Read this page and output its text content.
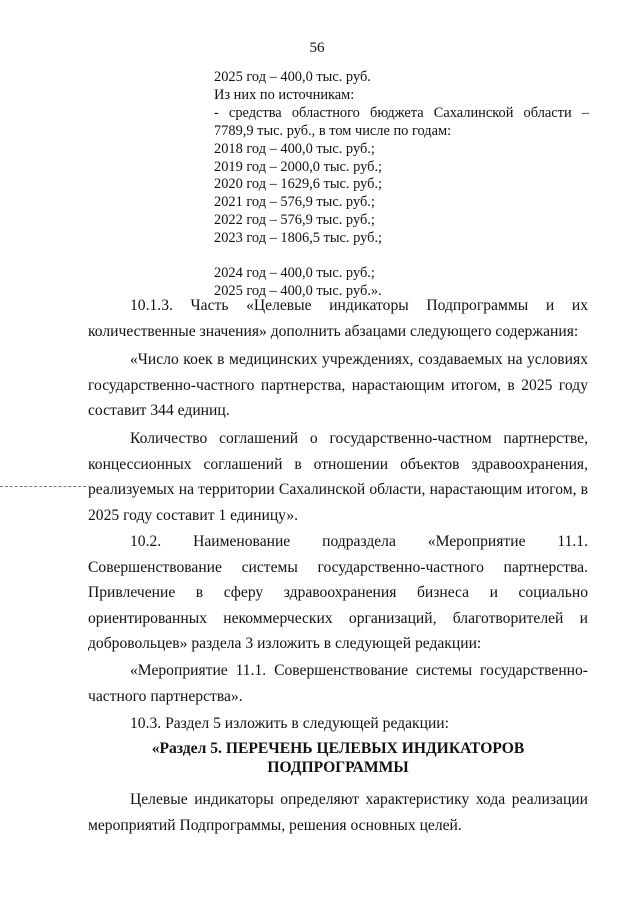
56
2025 год – 400,0 тыс. руб.
Из них по источникам:
- средства областного бюджета Сахалинской области –
7789,9 тыс. руб., в том числе по годам:
2018 год – 400,0 тыс. руб.;
2019 год – 2000,0 тыс. руб.;
2020 год – 1629,6 тыс. руб.;
2021 год – 576,9 тыс. руб.;
2022 год – 576,9 тыс. руб.;
2023 год – 1806,5 тыс. руб.;
2024 год – 400,0 тыс. руб.;
2025 год – 400,0 тыс. руб.».

10.1.3. Часть «Целевые индикаторы Подпрограммы и их количественные значения» дополнить абзацами следующего содержания:

«Число коек в медицинских учреждениях, создаваемых на условиях государственно-частного партнерства, нарастающим итогом, в 2025 году составит 344 единиц.

Количество соглашений о государственно-частном партнерстве, концессионных соглашений в отношении объектов здравоохранения, реализуемых на территории Сахалинской области, нарастающим итогом, в 2025 году составит 1 единицу».

10.2. Наименование подраздела «Мероприятие 11.1. Совершенствование системы государственно-частного партнерства. Привлечение в сферу здравоохранения бизнеса и социально ориентированных некоммерческих организаций, благотворителей и добровольцев» раздела 3 изложить в следующей редакции:

«Мероприятие 11.1. Совершенствование системы государственно-частного партнерства».

10.3. Раздел 5 изложить в следующей редакции:

«Раздел 5. ПЕРЕЧЕНЬ ЦЕЛЕВЫХ ИНДИКАТОРОВ
ПОДПРОГРАММЫ

Целевые индикаторы определяют характеристику хода реализации мероприятий Подпрограммы, решения основных целей.
